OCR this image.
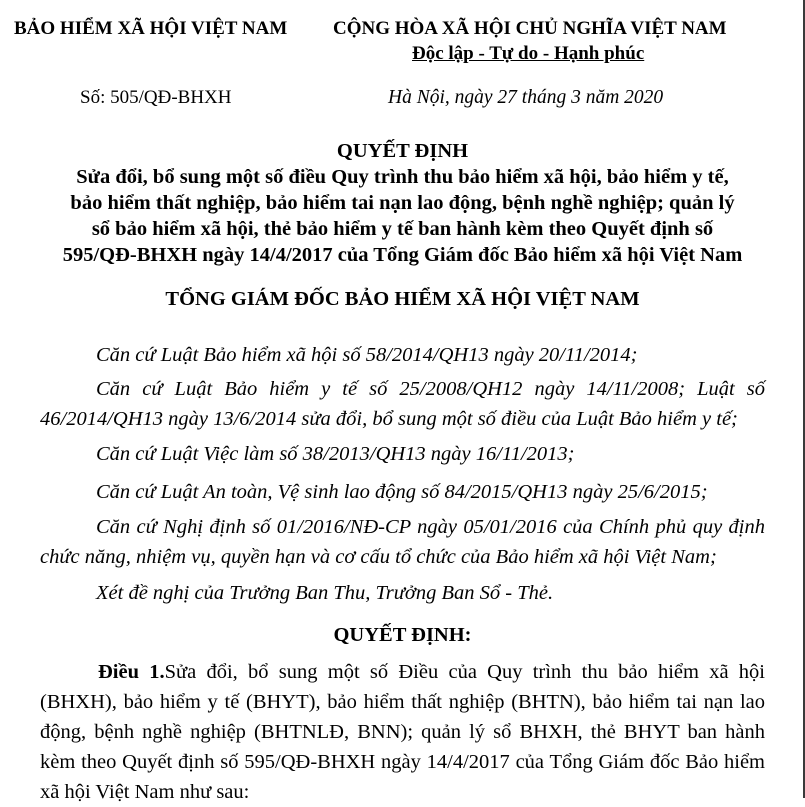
BẢO HIỂM XÃ HỘI VIỆT NAM CỘNG HÒA XÃ HỘI CHỦ NGHĨA VIỆT NAM
Độc lập - Tự do - Hạnh phúc
Số: 505/QĐ-BHXH	Hà Nội, ngày 27 tháng 3 năm 2020
QUYẾT ĐỊNH
Sửa đổi, bổ sung một số điều Quy trình thu bảo hiểm xã hội, bảo hiểm y tế,
bảo hiểm thất nghiệp, bảo hiểm tai nạn lao động, bệnh nghề nghiệp; quản lý
sổ bảo hiểm xã hội, thẻ bảo hiểm y tế ban hành kèm theo Quyết định số
595/QĐ-BHXH ngày 14/4/2017 của Tổng Giám đốc Bảo hiểm xã hội Việt Nam
TỔNG GIÁM ĐỐC BẢO HIỂM XÃ HỘI VIỆT NAM
Căn cứ Luật Bảo hiểm xã hội số 58/2014/QH13 ngày 20/11/2014;
Căn cứ Luật Bảo hiểm y tế số 25/2008/QH12 ngày 14/11/2008; Luật số 46/2014/QH13 ngày 13/6/2014 sửa đổi, bổ sung một số điều của Luật Bảo hiểm y tế;
Căn cứ Luật Việc làm số 38/2013/QH13 ngày 16/11/2013;
Căn cứ Luật An toàn, Vệ sinh lao động số 84/2015/QH13 ngày 25/6/2015;
Căn cứ Nghị định số 01/2016/NĐ-CP ngày 05/01/2016 của Chính phủ quy định chức năng, nhiệm vụ, quyền hạn và cơ cấu tổ chức của Bảo hiểm xã hội Việt Nam;
Xét đề nghị của Trưởng Ban Thu, Trưởng Ban Sổ - Thẻ.
QUYẾT ĐỊNH:
Điều 1.Sửa đổi, bổ sung một số Điều của Quy trình thu bảo hiểm xã hội (BHXH), bảo hiểm y tế (BHYT), bảo hiểm thất nghiệp (BHTN), bảo hiểm tai nạn lao động, bệnh nghề nghiệp (BHTNLĐ, BNN); quản lý sổ BHXH, thẻ BHYT ban hành kèm theo Quyết định số 595/QĐ-BHXH ngày 14/4/2017 của Tổng Giám đốc Bảo hiểm xã hội Việt Nam như sau:
